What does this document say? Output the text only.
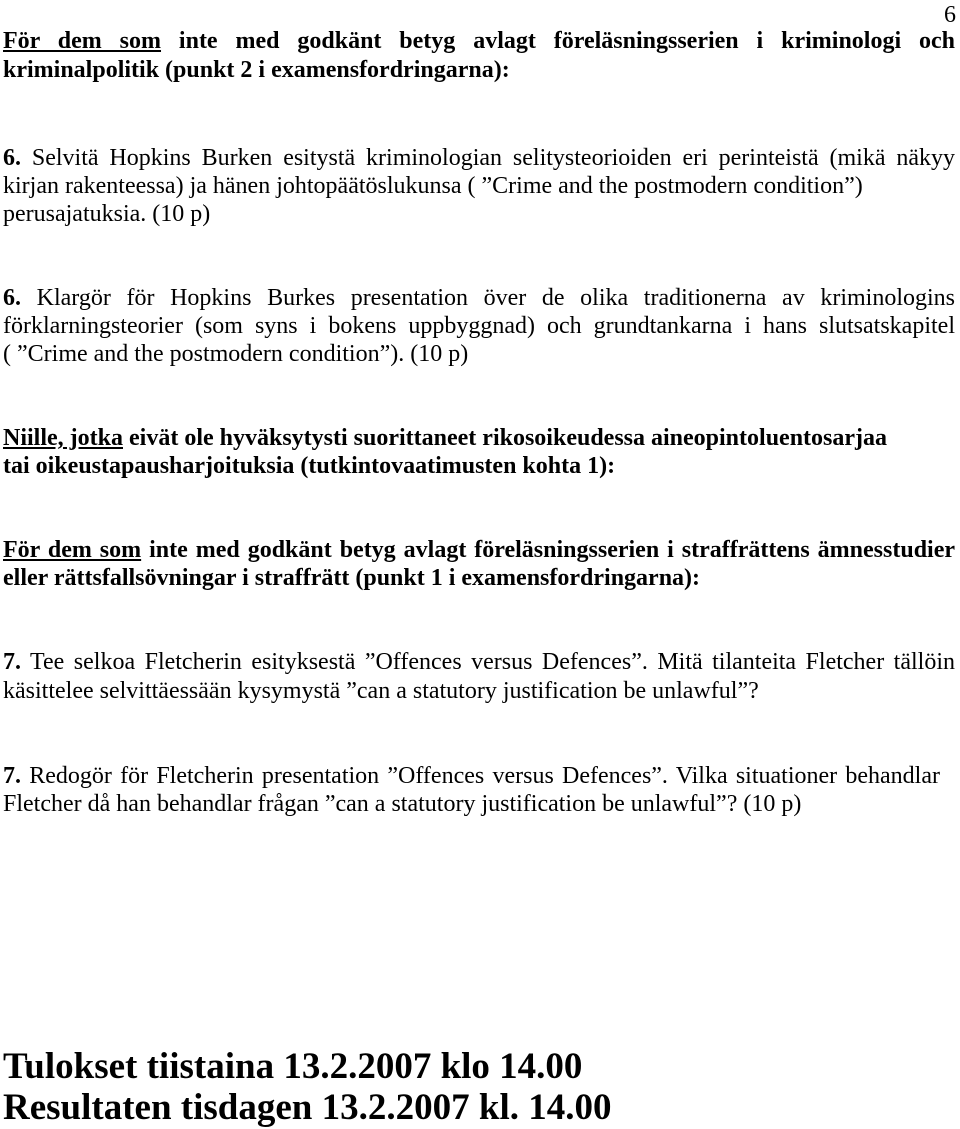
6
För dem som inte med godkänt betyg avlagt föreläsningsserien i kriminologi och
kriminalpolitik (punkt 2 i examensfordringarna):
6. Selvitä Hopkins Burken esitystä kriminologian selitysteorioiden eri perinteistä (mikä näkyy
kirjan rakenteessa) ja hänen johtopäätöslukunsa ( ”Crime and the postmodern condition”)
perusajatuksia. (10 p)
6. Klargör för Hopkins Burkes presentation över de olika traditionerna av kriminologins
förklarningsteorier (som syns i bokens uppbyggnad) och grundtankarna i hans slutsatskapitel
( ”Crime and the postmodern condition”). (10 p)
Niille, jotka eivät ole hyväksytysti suorittaneet rikosoikeudessa aineopintoluentosarjaa
tai oikeustapausharjoituksia (tutkintovaatimusten kohta 1):
För dem som inte med godkänt betyg avlagt föreläsningsserien i straffrättens ämnesstudier
eller rättsfallsövningar i straffrätt (punkt 1 i examensfordringarna):
7. Tee selkoa Fletcherin esityksestä ”Offences versus Defences”. Mitä tilanteita Fletcher tällöin
käsittelee selvittäessään kysymystä ”can a statutory justification be unlawful”?
7. Redogör för Fletcherin presentation ”Offences versus Defences”. Vilka situationer behandlar
Fletcher då han behandlar frågan ”can a statutory justification be unlawful”? (10 p)
Tulokset tiistaina 13.2.2007 klo 14.00
Resultaten tisdagen 13.2.2007 kl. 14.00
